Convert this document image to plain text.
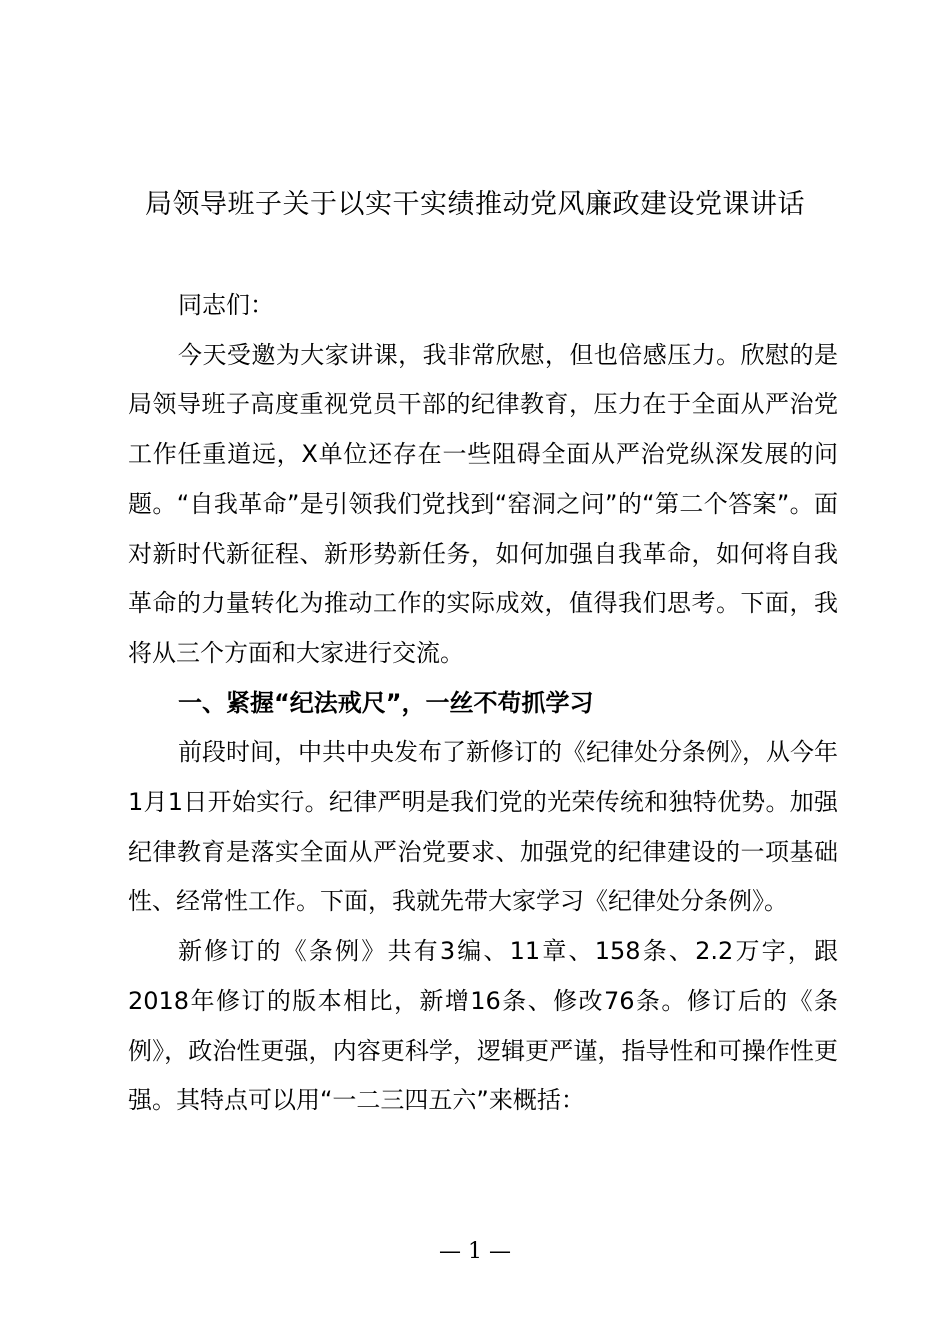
局领导班子关于以实干实绩推动党风廉政建设党课讲话

同志们：

今天受邀为大家讲课，我非常欣慰，但也倍感压力。欣慰的是局领导班子高度重视党员干部的纪律教育，压力在于全面从严治党工作任重道远，X单位还存在一些阻碍全面从严治党纵深发展的问题。“自我革命”是引领我们党找到“窑洞之问”的“第二个答案”。面对新时代新征程、新形势新任务，如何加强自我革命，如何将自我革命的力量转化为推动工作的实际成效，值得我们思考。下面，我将从三个方面和大家进行交流。

一、紧握“纪法戒尺”，一丝不苟抓学习

前段时间，中共中央发布了新修订的《纪律处分条例》，从今年1月1日开始实行。纪律严明是我们党的光荣传统和独特优势。加强纪律教育是落实全面从严治党要求、加强党的纪律建设的一项基础性、经常性工作。下面，我就先带大家学习《纪律处分条例》。

新修订的《条例》共有3编、11章、158条、2.2万字，跟2018年修订的版本相比，新增16条、修改76条。修订后的《条例》，政治性更强，内容更科学，逻辑更严谨，指导性和可操作性更强。其特点可以用“一二三四五六”来概括：

— 1 —
